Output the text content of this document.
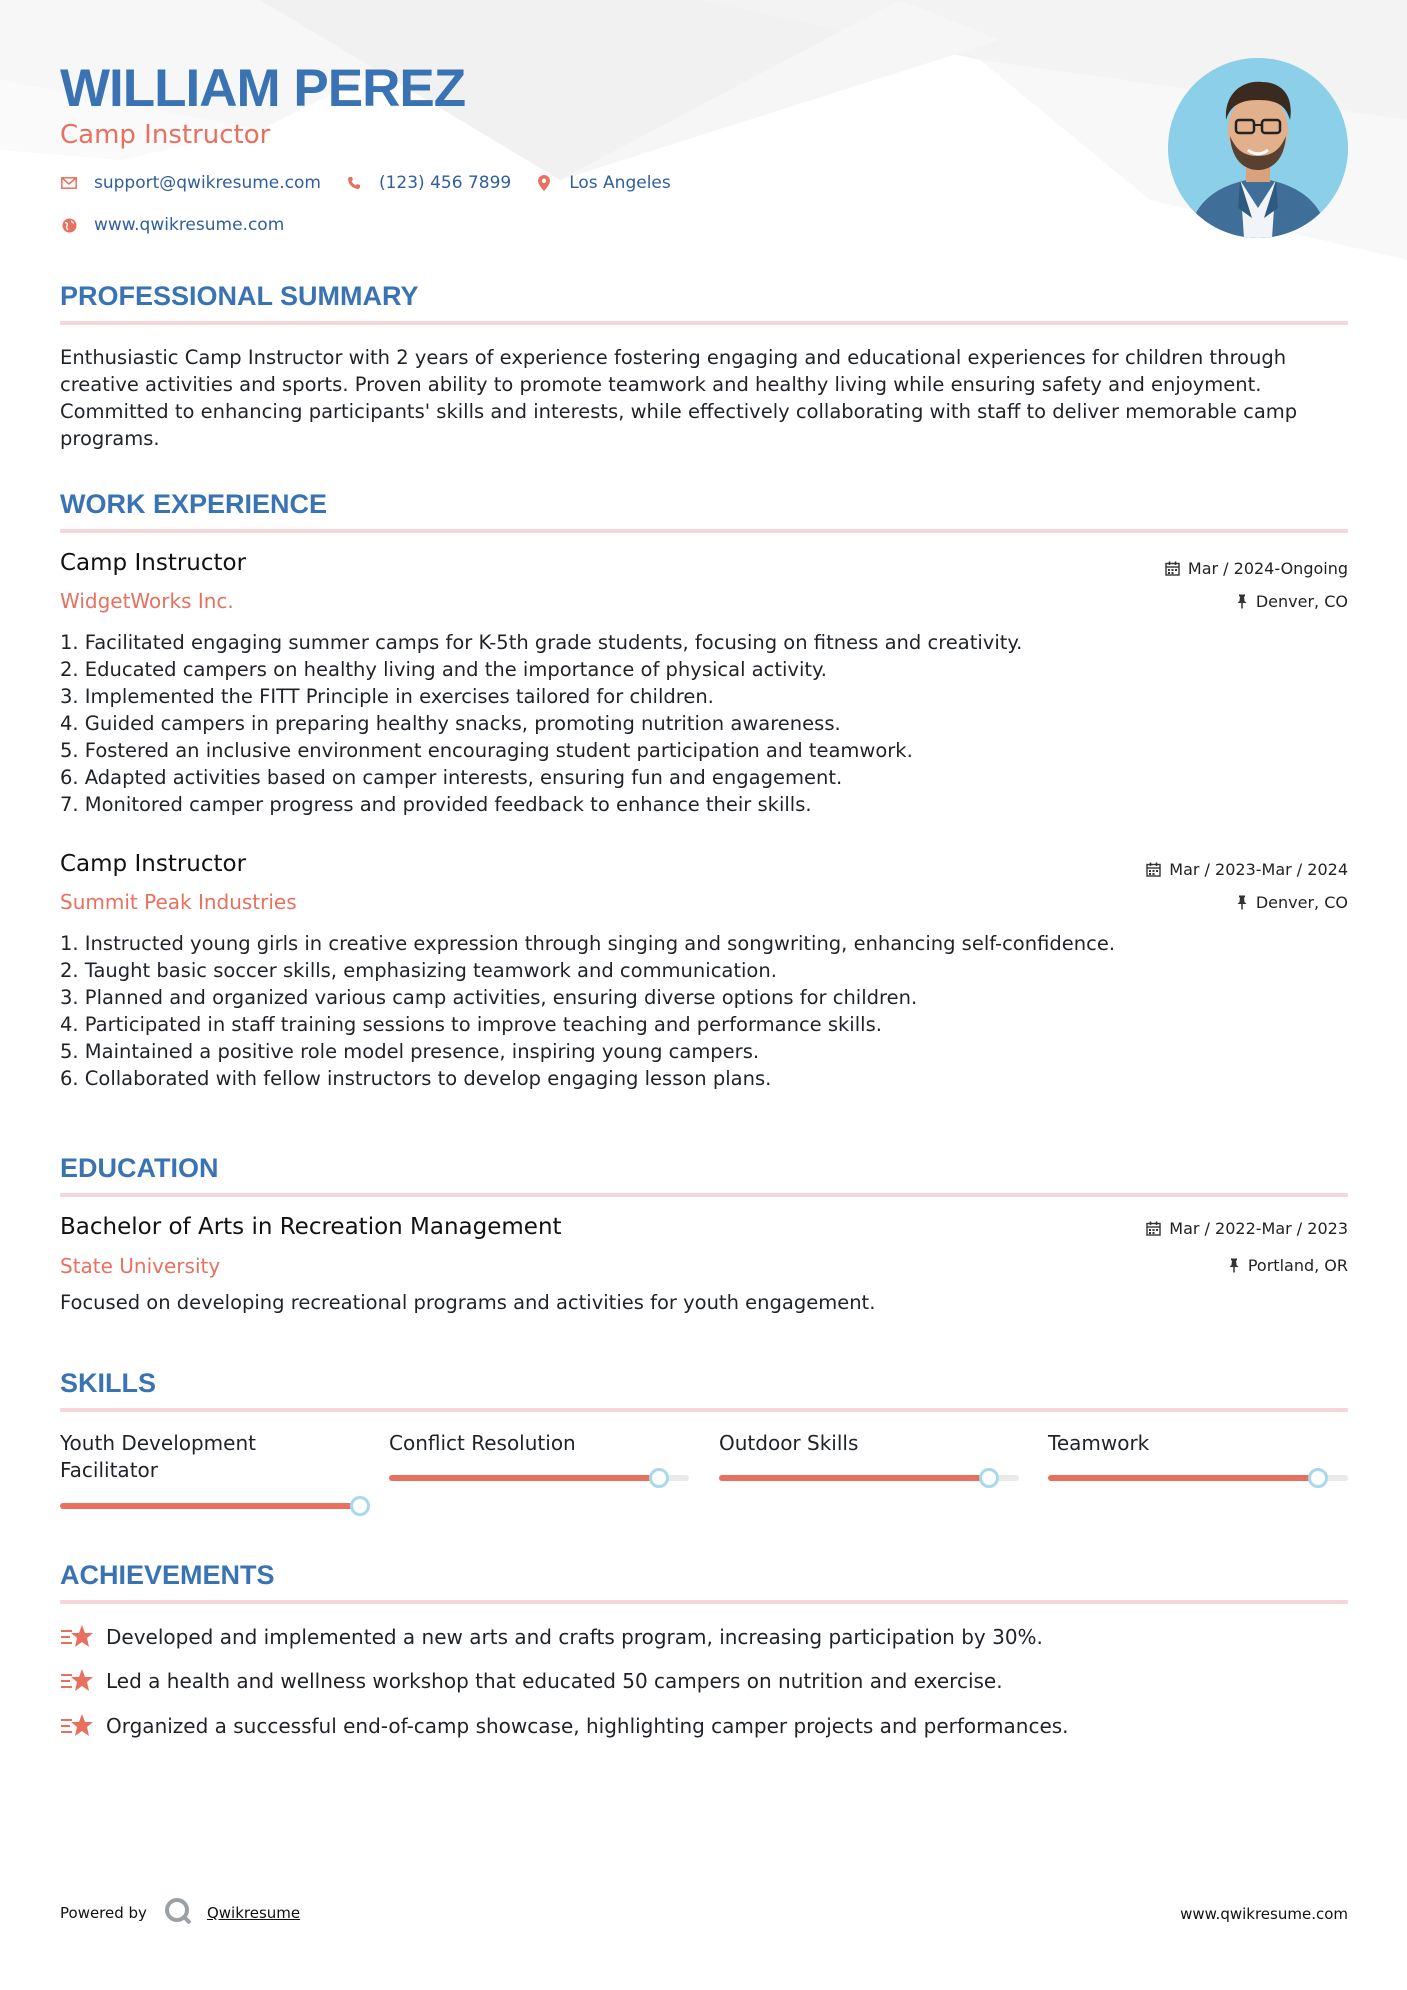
WILLIAM PEREZ
Camp Instructor
support@qwikresume.com	(123) 456 7899	Los Angeles
www.qwikresume.com
PROFESSIONAL SUMMARY

Enthusiastic Camp Instructor with 2 years of experience fostering engaging and educational experiences for children through creative activities and sports. Proven ability to promote teamwork and healthy living while ensuring safety and enjoyment. Committed to enhancing participants' skills and interests, while effectively collaborating with staff to deliver memorable camp programs.

WORK EXPERIENCE
Camp Instructor	Mar / 2024-Ongoing
WidgetWorks Inc.	Denver, CO
1. Facilitated engaging summer camps for K-5th grade students, focusing on fitness and creativity.
2. Educated campers on healthy living and the importance of physical activity.
3. Implemented the FITT Principle in exercises tailored for children.
4. Guided campers in preparing healthy snacks, promoting nutrition awareness.
5. Fostered an inclusive environment encouraging student participation and teamwork.
6. Adapted activities based on camper interests, ensuring fun and engagement.
7. Monitored camper progress and provided feedback to enhance their skills.
Camp Instructor	Mar / 2023-Mar / 2024
Summit Peak Industries	Denver, CO
1. Instructed young girls in creative expression through singing and songwriting, enhancing self-confidence.
2. Taught basic soccer skills, emphasizing teamwork and communication.
3. Planned and organized various camp activities, ensuring diverse options for children.
4. Participated in staff training sessions to improve teaching and performance skills.
5. Maintained a positive role model presence, inspiring young campers.
6. Collaborated with fellow instructors to develop engaging lesson plans.
EDUCATION
Bachelor of Arts in Recreation Management	Mar / 2022-Mar / 2023
State University	Portland, OR

Focused on developing recreational programs and activities for youth engagement.

SKILLS
Youth Development Facilitator
Conflict Resolution	Outdoor Skills	Teamwork
ACHIEVEMENTS
Developed and implemented a new arts and crafts program, increasing participation by 30%.
Led a health and wellness workshop that educated 50 campers on nutrition and exercise.
Organized a successful end-of-camp showcase, highlighting camper projects and performances.
Powered by	Qwikresume	www.qwikresume.com
